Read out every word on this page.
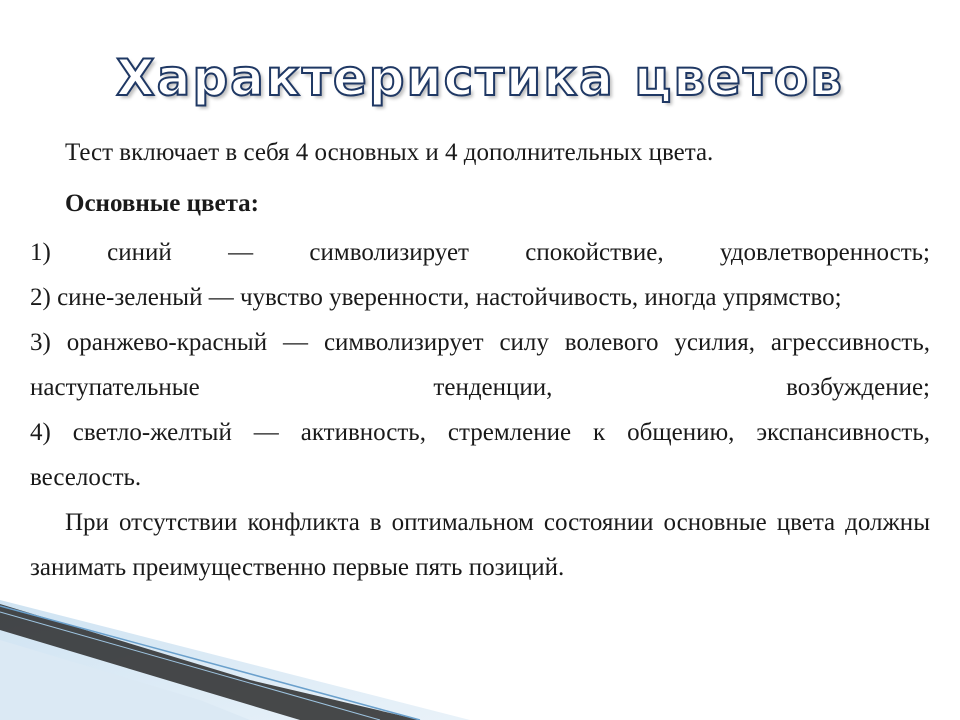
Характеристика цветов

Тест включает в себя 4 основных и 4 дополнительных цвета.

Основные цвета:

1) синий — символизирует спокойствие, удовлетворенность;

2) сине-зеленый — чувство уверенности, настойчивость, иногда упрямство;

3) оранжево-красный — символизирует силу волевого усилия, агрессивность, наступательные тенденции, возбуждение;

4) светло-желтый — активность, стремление к общению, экспансивность, веселость.

При отсутствии конфликта в оптимальном состоянии основные цвета должны занимать преимущественно первые пять позиций.
